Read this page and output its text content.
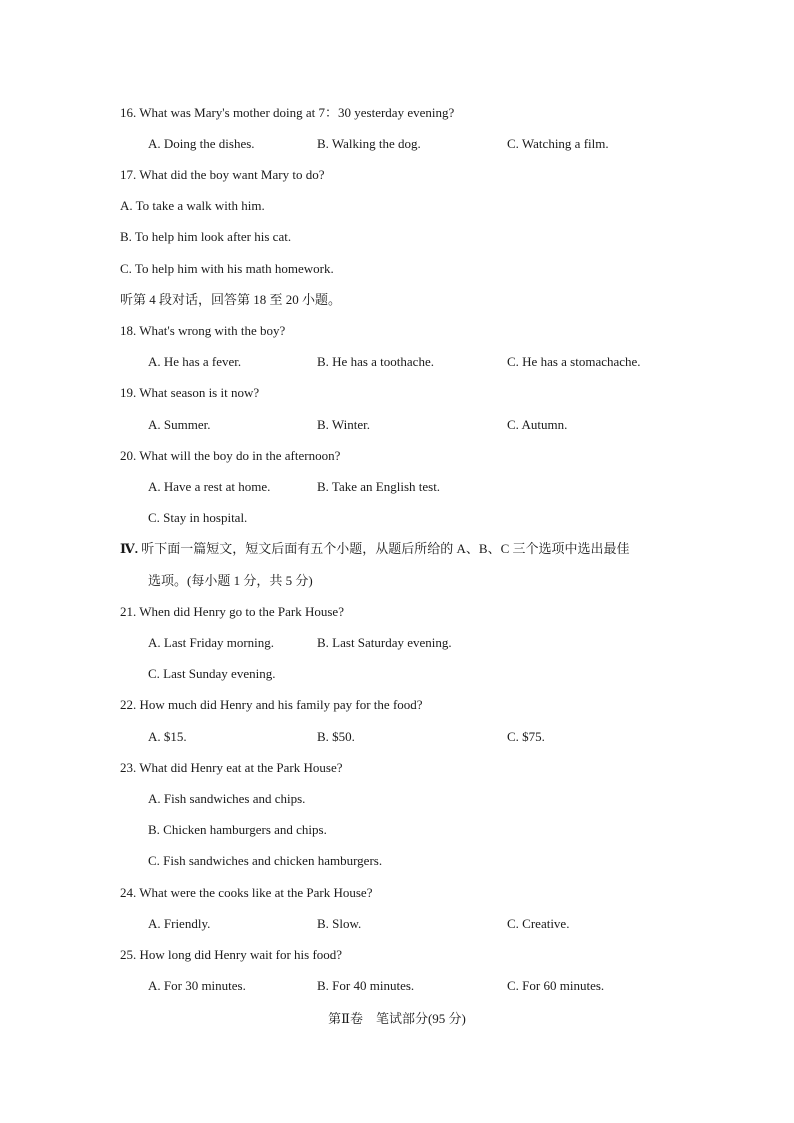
16. What was Mary's mother doing at 7：30 yesterday evening?
A. Doing the dishes.	B. Walking the dog.	C. Watching a film.
17. What did the boy want Mary to do?
A. To take a walk with him.
B. To help him look after his cat.
C. To help him with his math homework.
听第 4 段对话，回答第 18 至 20 小题。
18. What's wrong with the boy?
A. He has a fever.	B. He has a toothache.	C. He has a stomachache.
19. What season is it now?
A. Summer.	B. Winter.	C. Autumn.
20. What will the boy do in the afternoon?
A. Have a rest at home.	B. Take an English test.
C. Stay in hospital.
Ⅳ. 听下面一篇短文，短文后面有五个小题，从题后所给的 A、B、C 三个选项中选出最佳
选项。(每小题 1 分，共 5 分)
21. When did Henry go to the Park House?
A. Last Friday morning.	B. Last Saturday evening.
C. Last Sunday evening.
22. How much did Henry and his family pay for the food?
A. $15.	B. $50.	C. $75.
23. What did Henry eat at the Park House?
A. Fish sandwiches and chips.
B. Chicken hamburgers and chips.
C. Fish sandwiches and chicken hamburgers.
24. What were the cooks like at the Park House?
A. Friendly.	B. Slow.	C. Creative.
25. How long did Henry wait for his food?
A. For 30 minutes.	B. For 40 minutes.	C. For 60 minutes.
第Ⅱ卷　笔试部分(95 分)
